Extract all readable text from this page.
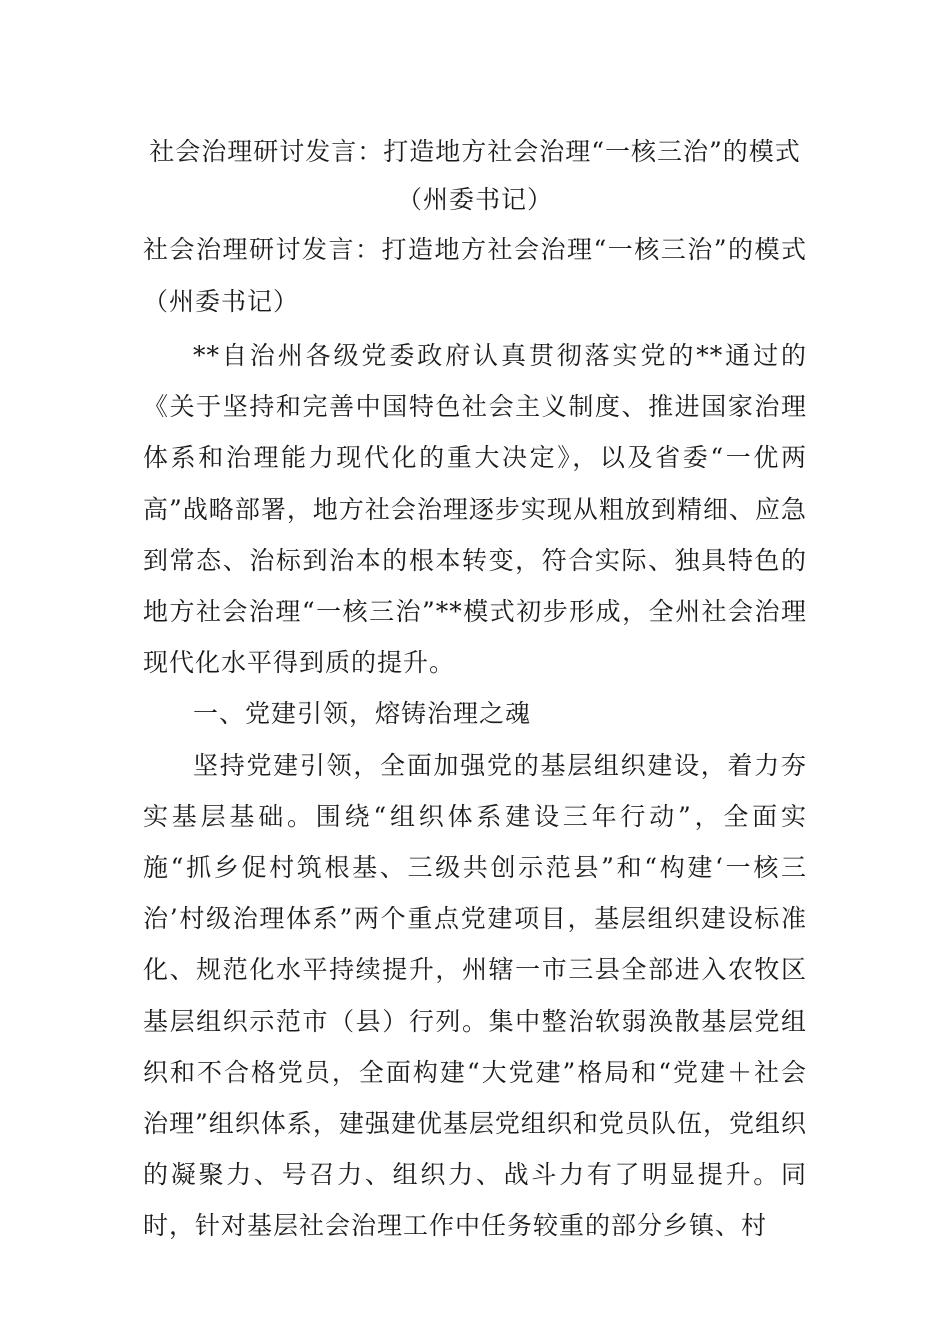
社会治理研讨发言：打造地方社会治理“一核三治”的模式（州委书记）

社会治理研讨发言：打造地方社会治理“一核三治”的模式（州委书记）

**自治州各级党委政府认真贯彻落实党的**通过的《关于坚持和完善中国特色社会主义制度、推进国家治理体系和治理能力现代化的重大决定》，以及省委“一优两高”战略部署，地方社会治理逐步实现从粗放到精细、应急到常态、治标到治本的根本转变，符合实际、独具特色的地方社会治理“一核三治”**模式初步形成，全州社会治理现代化水平得到质的提升。

一、党建引领，熔铸治理之魂

坚持党建引领，全面加强党的基层组织建设，着力夯实基层基础。围绕“组织体系建设三年行动”，全面实施“抓乡促村筑根基、三级共创示范县”和“构建‘一核三治’村级治理体系”两个重点党建项目，基层组织建设标准化、规范化水平持续提升，州辖一市三县全部进入农牧区基层组织示范市（县）行列。集中整治软弱涣散基层党组织和不合格党员，全面构建“大党建”格局和“党建＋社会治理”组织体系，建强建优基层党组织和党员队伍，党组织的凝聚力、号召力、组织力、战斗力有了明显提升。同时，针对基层社会治理工作中任务较重的部分乡镇、村
